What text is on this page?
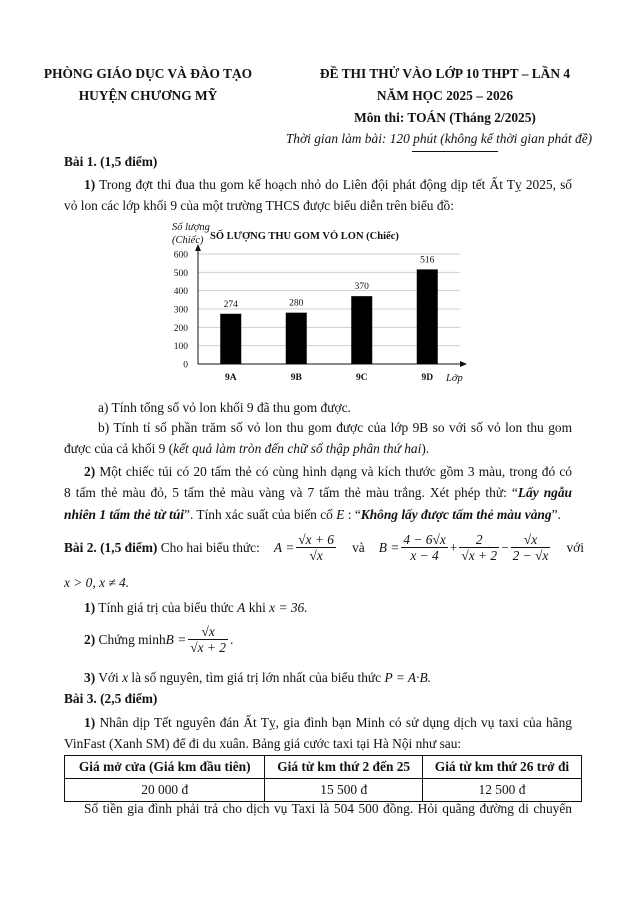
PHÒNG GIÁO DỤC VÀ ĐÀO TẠO
HUYỆN CHƯƠNG MỸ
ĐỀ THI THỬ VÀO LỚP 10 THPT – LẦN 4
NĂM HỌC 2025 – 2026
Môn thi: TOÁN (Tháng 2/2025)
Thời gian làm bài: 120 phút (không kể thời gian phát đề)
Bài 1. (1,5 điểm)
1) Trong đợt thi đua thu gom kế hoạch nhỏ do Liên đội phát động dịp tết Ất Tỵ 2025, số
vỏ lon các lớp khối 9 của một trường THCS được biểu diễn trên biểu đồ:
0
100
200
300
400
500
600
274
9A
280
9B
370
9C
516
9D
Số lượng
(Chiếc) SỐ LƯỢNG THU GOM VỎ LON (Chiếc)
Lớp
a) Tính tổng số vỏ lon khối 9 đã thu gom được.
b) Tính tỉ số phần trăm số vỏ lon thu gom được của lớp 9B so với số vỏ lon thu gom
được của cả khối 9 (kết quả làm tròn đến chữ số thập phân thứ hai).
2) Một chiếc túi có 20 tấm thẻ có cùng hình dạng và kích thước gồm 3 màu, trong đó có
8 tấm thẻ màu đỏ, 5 tấm thẻ màu vàng và 7 tấm thẻ màu trắng. Xét phép thử: “Lấy ngẫu
nhiên 1 tấm thẻ từ túi”. Tính xác suất của biến cố E : “Không lấy được tấm thẻ màu vàng”.
Bài 2. (1,5 điểm) Cho hai biểu thức: $A = \frac{√x + 6}{√x}$ và $B = \frac{4 - 6√x}{x - 4} + \frac{2}{√x + 2} - \frac{√x}{2 - √x}$ với
x > 0, x ≠ 4.
1) Tính giá trị của biểu thức A khi x = 36.
2)
Chứng minh $B = \frac{√x}{√x + 2}$ .
3) Với x là số nguyên, tìm giá trị lớn nhất của biểu thức P = A·B.
Bài 3. (2,5 điểm)
1) Nhân dịp Tết nguyên đán Ất Tỵ, gia đình bạn Minh có sử dụng dịch vụ taxi của hãng
VinFast (Xanh SM) để đi du xuân. Bảng giá cước taxi tại Hà Nội như sau:
Giá mở cửa (Giá km đầu tiên)	Giá từ km thứ 2 đến 25	Giá từ km thứ 26 trở đi
20 000 đ	15 500 đ	12 500 đ
Số tiền gia đình phải trả cho dịch vụ Taxi là 504 500 đồng. Hỏi quãng đường di chuyển
